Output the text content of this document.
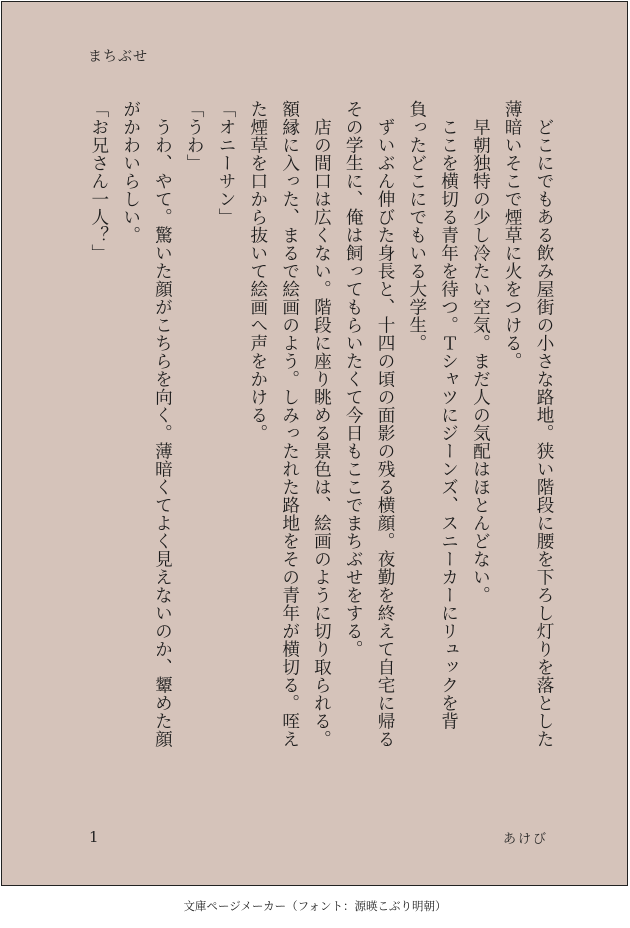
まちぶせ
　どこにでもある飲み屋街の小さな路地。狭い階段に腰を下ろし灯りを落とした
薄暗いそこで煙草に火をつける。
　早朝独特の少し冷たい空気。まだ人の気配はほとんどない。
　ここを横切る青年を待つ。Ｔシャツにジーンズ、スニーカーにリュックを背
負ったどこにでもいる大学生。
　ずいぶん伸びた身長と、十四の頃の面影の残る横顔。夜勤を終えて自宅に帰る
その学生に、俺は飼ってもらいたくて今日もここでまちぶせをする。
　店の間口は広くない。階段に座り眺める景色は、絵画のように切り取られる。
額縁に入った、まるで絵画のよう。しみったれた路地をその青年が横切る。咥え
た煙草を口から抜いて絵画へ声をかける。
「オニーサン」
「うわ」
　うわ、やて。驚いた顔がこちらを向く。薄暗くてよく見えないのか、顰めた顔
がかわいらしい。
「お兄さん一人？」
1	あけび
文庫ページメーカー（フォント：源暎こぶり明朝）
